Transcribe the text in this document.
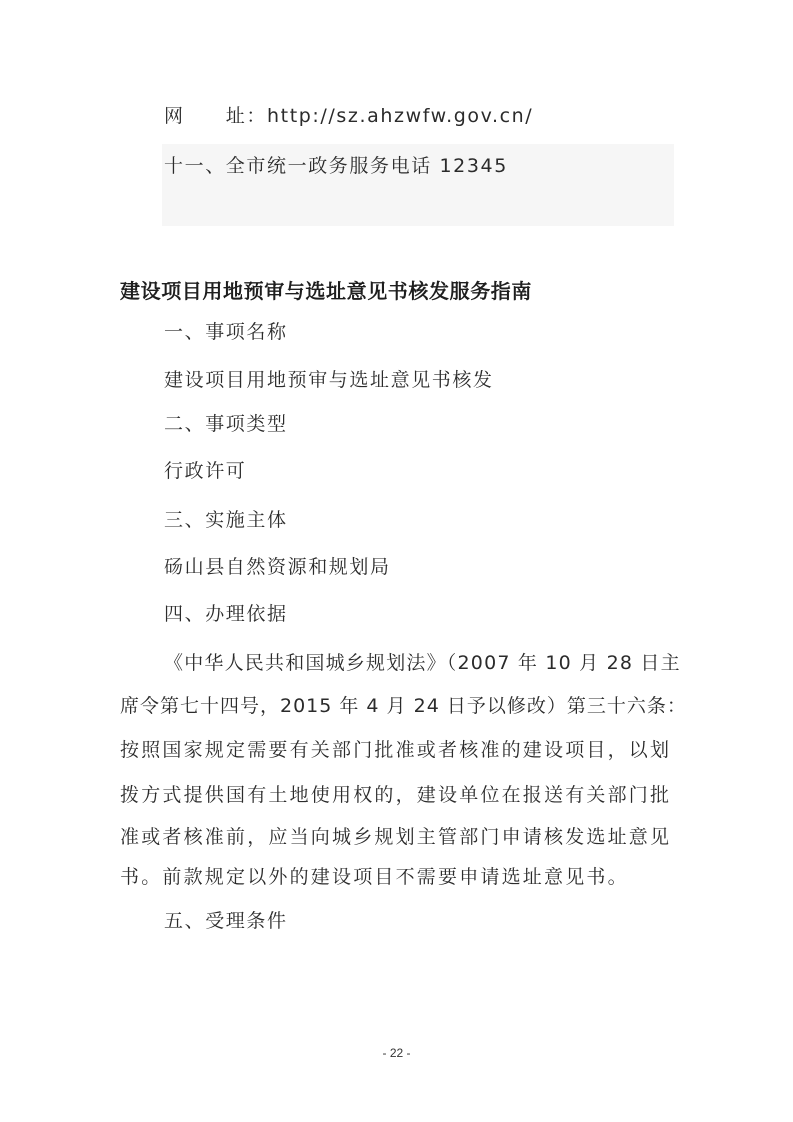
网　　址：http://sz.ahzwfw.gov.cn/
十一、全市统一政务服务电话 12345
建设项目用地预审与选址意见书核发服务指南
一、事项名称
建设项目用地预审与选址意见书核发
二、事项类型
行政许可
三、实施主体
砀山县自然资源和规划局
四、办理依据
《中华人民共和国城乡规划法》（2007 年 10 月 28 日主
席令第七十四号，2015 年 4 月 24 日予以修改）第三十六条：
按照国家规定需要有关部门批准或者核准的建设项目，以划
拨方式提供国有土地使用权的，建设单位在报送有关部门批
准或者核准前，应当向城乡规划主管部门申请核发选址意见
书。前款规定以外的建设项目不需要申请选址意见书。
五、受理条件
- 22 -
